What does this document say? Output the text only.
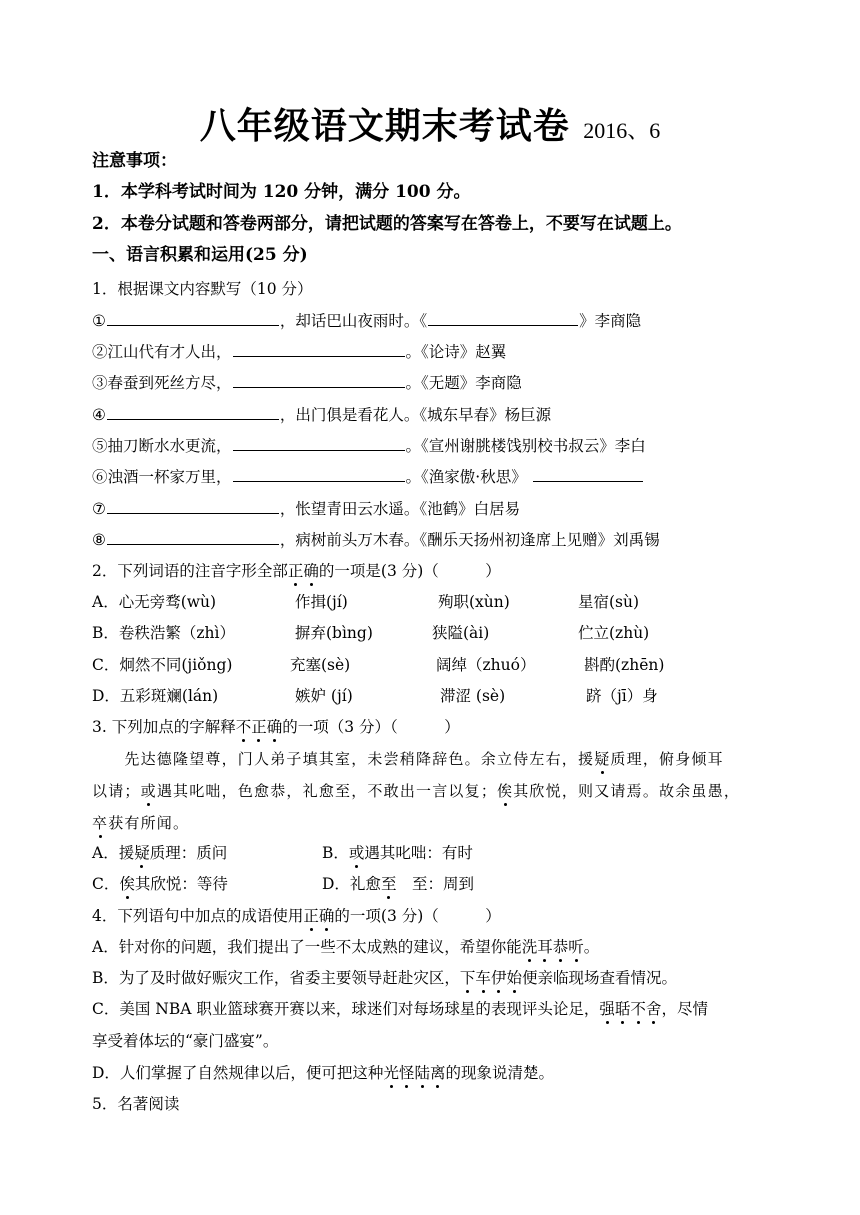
八年级语文期末考试卷 2016、6
注意事项：
1．本学科考试时间为 120 分钟，满分 100 分。
2．本卷分试题和答卷两部分，请把试题的答案写在答卷上，不要写在试题上。
一、语言积累和运用(25 分)
1．根据课文内容默写（10 分）
①	，却话巴山夜雨时。《	》李商隐
②江山代有才人出，	。《论诗》赵翼
③春蚕到死丝方尽，	。《无题》李商隐
④	，出门俱是看花人。《城东早春》杨巨源
⑤抽刀断水水更流，	。《宣州谢朓楼饯别校书叔云》李白
⑥浊酒一杯家万里，	。《渔家傲·秋思》
⑦	，怅望青田云水遥。《池鹤》白居易
⑧	，病树前头万木春。《酬乐天扬州初逢席上见赠》刘禹锡
2．下列词语的注音字形全部正确的一项是(3 分)（　　　）
A．心无旁骛(wù)	作揖(jí)	殉职(xùn)	星宿(sù)
B．卷秩浩繁（zhì）	摒弃(bìng)	狭隘(ài)	伫立(zhù)
C．炯然不同(jiǒng)	充塞(sè)	阔绰（zhuó）	斟酌(zhēn)
D．五彩斑斓(lán)	嫉妒 (jí)	滞涩 (sè)	跻（jī）身
3. 下列加点的字解释不正确的一项（3 分）（　　　）
　　先达德隆望尊，门人弟子填其室，未尝稍降辞色。余立侍左右，援疑质理，俯身倾耳
以请；或遇其叱咄，色愈恭，礼愈至，不敢出一言以复；俟其欣悦，则又请焉。故余虽愚，
卒获有所闻。
A．援疑质理：质问	B．或遇其叱咄：有时
C．俟其欣悦：等待	D．礼愈至　至：周到
4．下列语句中加点的成语使用正确的一项(3 分)（　　　）
A．针对你的问题，我们提出了一些不太成熟的建议，希望你能洗耳恭听。
B．为了及时做好赈灾工作，省委主要领导赶赴灾区，下车伊始便亲临现场查看情况。
C．美国 NBA 职业篮球赛开赛以来，球迷们对每场球星的表现评头论足，强聒不舍，尽情
享受着体坛的“豪门盛宴”。
D．人们掌握了自然规律以后，便可把这种光怪陆离的现象说清楚。
5．名著阅读
